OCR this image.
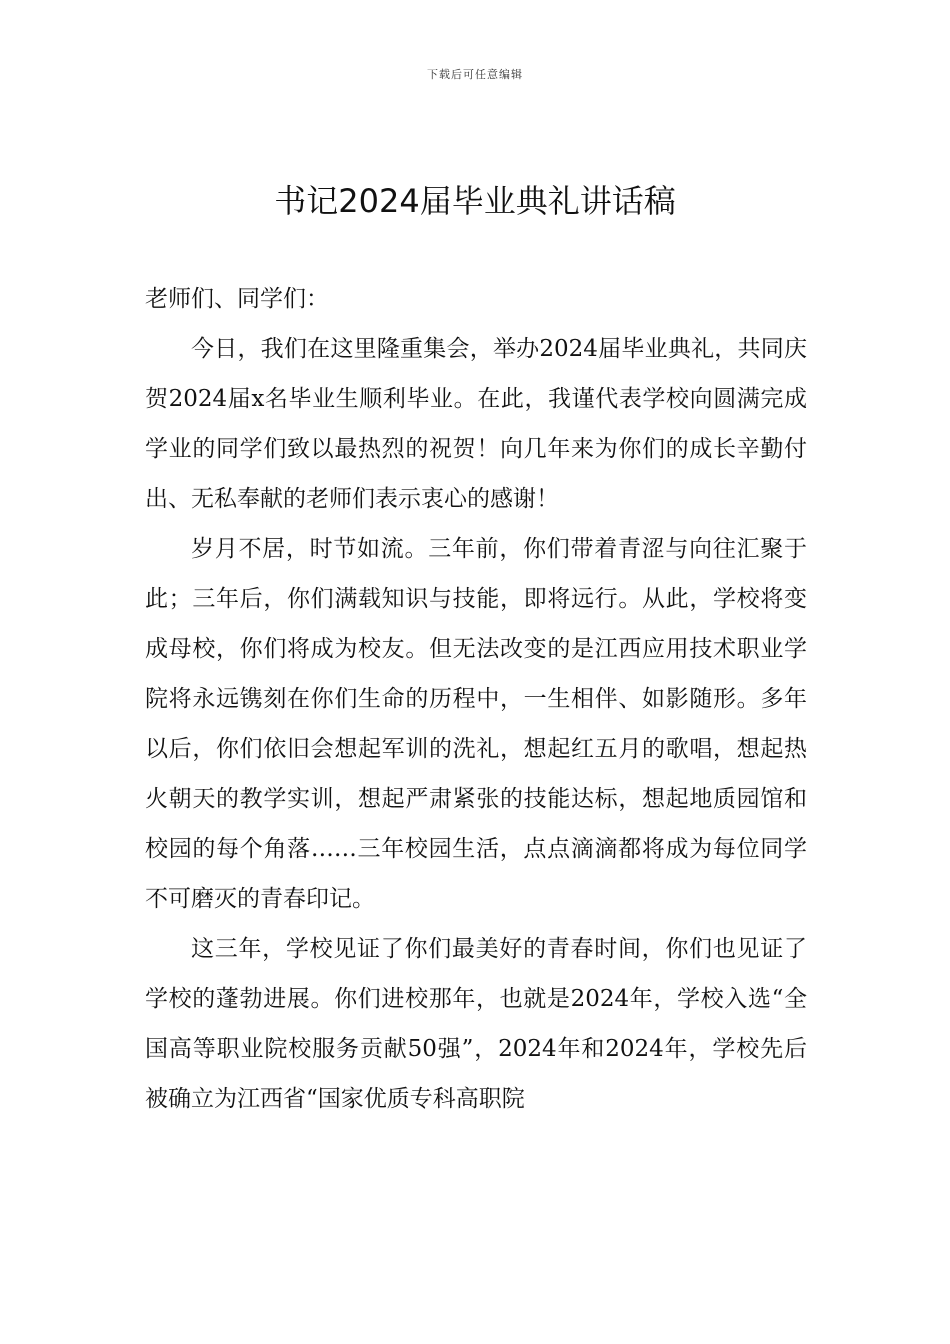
下载后可任意编辑
书记2024届毕业典礼讲话稿

老师们、同学们：

今日，我们在这里隆重集会，举办2024届毕业典礼，共同庆贺2024届x名毕业生顺利毕业。在此，我谨代表学校向圆满完成学业的同学们致以最热烈的祝贺！向几年来为你们的成长辛勤付出、无私奉献的老师们表示衷心的感谢！

岁月不居，时节如流。三年前，你们带着青涩与向往汇聚于此；三年后，你们满载知识与技能，即将远行。从此，学校将变成母校，你们将成为校友。但无法改变的是江西应用技术职业学院将永远镌刻在你们生命的历程中，一生相伴、如影随形。多年以后，你们依旧会想起军训的洗礼，想起红五月的歌唱，想起热火朝天的教学实训，想起严肃紧张的技能达标，想起地质园馆和校园的每个角落……三年校园生活，点点滴滴都将成为每位同学不可磨灭的青春印记。

这三年，学校见证了你们最美好的青春时间，你们也见证了学校的蓬勃进展。你们进校那年，也就是2024年，学校入选“全国高等职业院校服务贡献50强”，2024年和2024年，学校先后被确立为江西省“国家优质专科高职院
